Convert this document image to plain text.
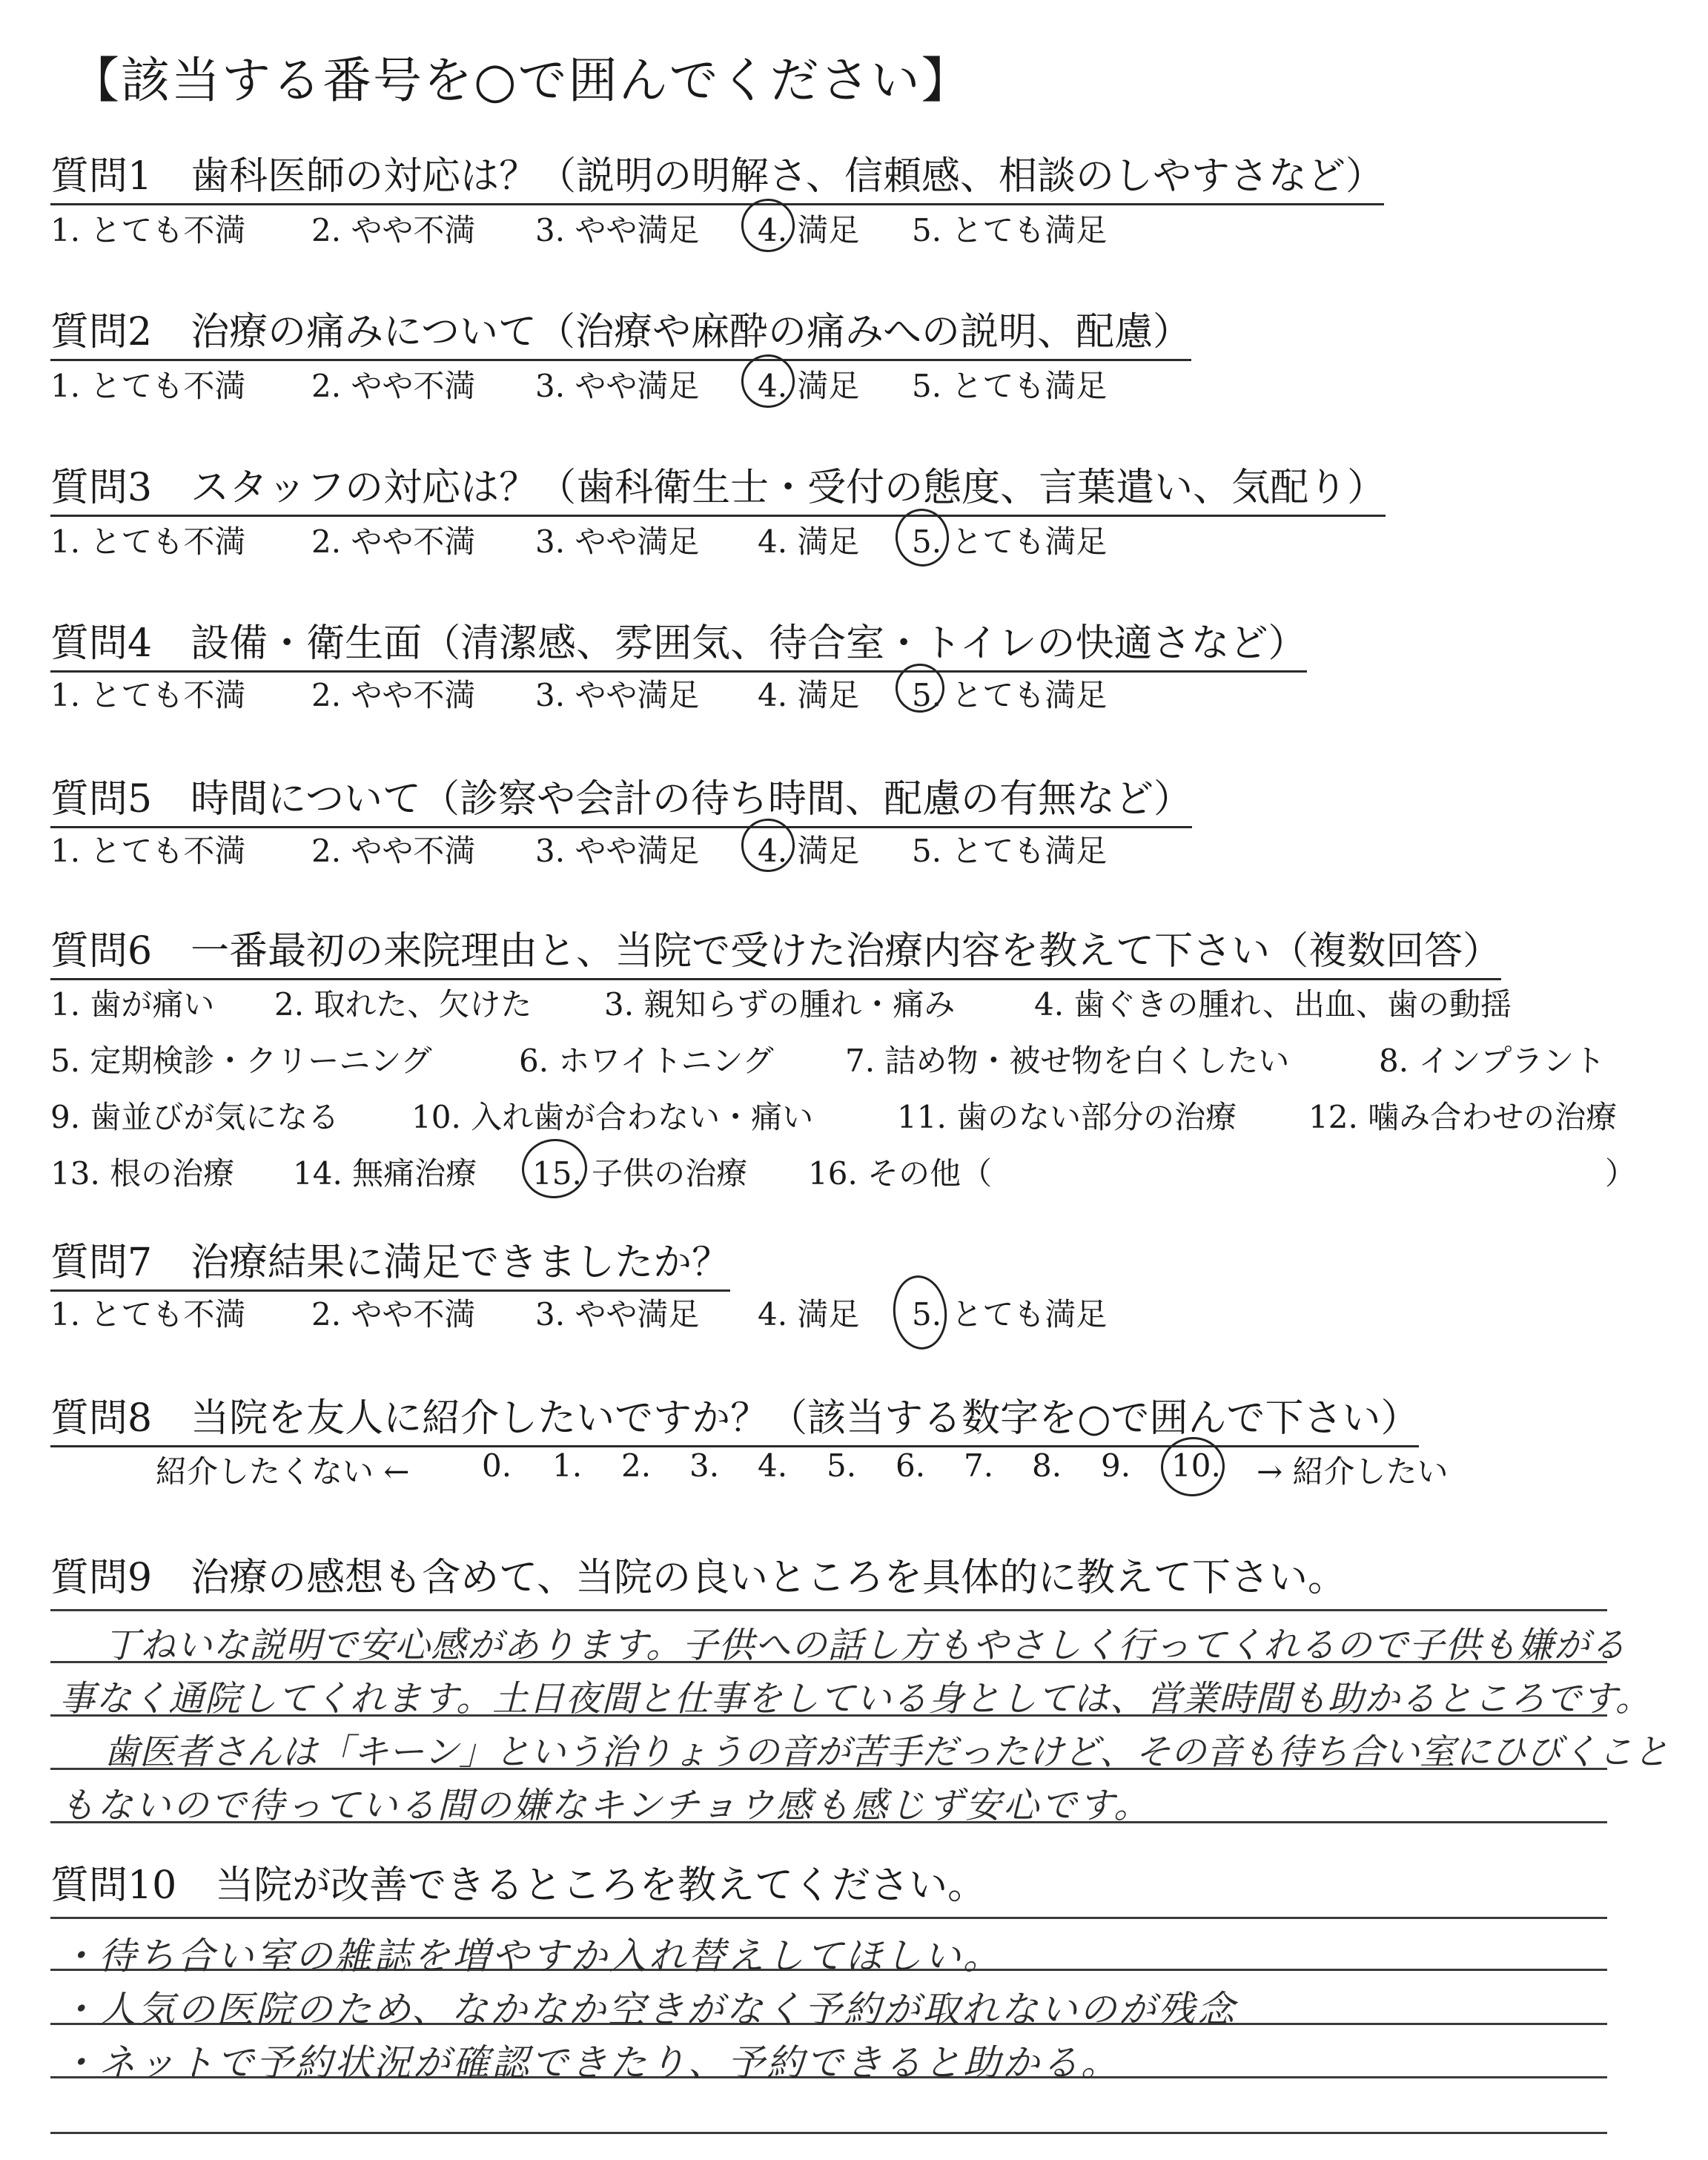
【該当する番号を○で囲んでください】
質問1　歯科医師の対応は？（説明の明解さ、信頼感、相談のしやすさなど）
1. とても不満 2. やや不満 3. やや満足 4. 満足 5. とても満足
質問2　治療の痛みについて（治療や麻酔の痛みへの説明、配慮）
1. とても不満 2. やや不満 3. やや満足 4. 満足 5. とても満足
質問3　スタッフの対応は？（歯科衛生士・受付の態度、言葉遣い、気配り）
1. とても不満 2. やや不満 3. やや満足 4. 満足 5. とても満足
質問4　設備・衛生面（清潔感、雰囲気、待合室・トイレの快適さなど）
1. とても不満 2. やや不満 3. やや満足 4. 満足 5. とても満足
質問5　時間について（診察や会計の待ち時間、配慮の有無など）
1. とても不満 2. やや不満 3. やや満足 4. 満足 5. とても満足
質問6　一番最初の来院理由と、当院で受けた治療内容を教えて下さい（複数回答）
1. 歯が痛い 2. 取れた、欠けた 3. 親知らずの腫れ・痛み	4. 歯ぐきの腫れ、出血、歯の動揺
5. 定期検診・クリーニング	6. ホワイトニング 7. 詰め物・被せ物を白くしたい	8. インプラント
9. 歯並びが気になる 10. 入れ歯が合わない・痛い	11. 歯のない部分の治療 12. 噛み合わせの治療
13. 根の治療 14. 無痛治療 15. 子供の治療 16. その他（	）
質問7　治療結果に満足できましたか？
1. とても不満 2. やや不満 3. やや満足 4. 満足 5. とても満足
質問8　当院を友人に紹介したいですか？（該当する数字を○で囲んで下さい）
紹介したくない ← 0. 1. 2. 3. 4. 5. 6. 7. 8. 9. 10. → 紹介したい
質問9　治療の感想も含めて、当院の良いところを具体的に教えて下さい。
丁ねいな説明で安心感があります。子供への話し方もやさしく行ってくれるので子供も嫌がる
事なく通院してくれます。土日夜間と仕事をしている身としては、営業時間も助かるところです。
歯医者さんは「キーン」という治りょうの音が苦手だったけど、その音も待ち合い室にひびくこと
もないので待っている間の嫌なキンチョウ感も感じず安心です。
質問10　当院が改善できるところを教えてください。
・待ち合い室の雑誌を増やすか入れ替えしてほしい。
・人気の医院のため、なかなか空きがなく予約が取れないのが残念
・ネットで予約状況が確認できたり、予約できると助かる。
